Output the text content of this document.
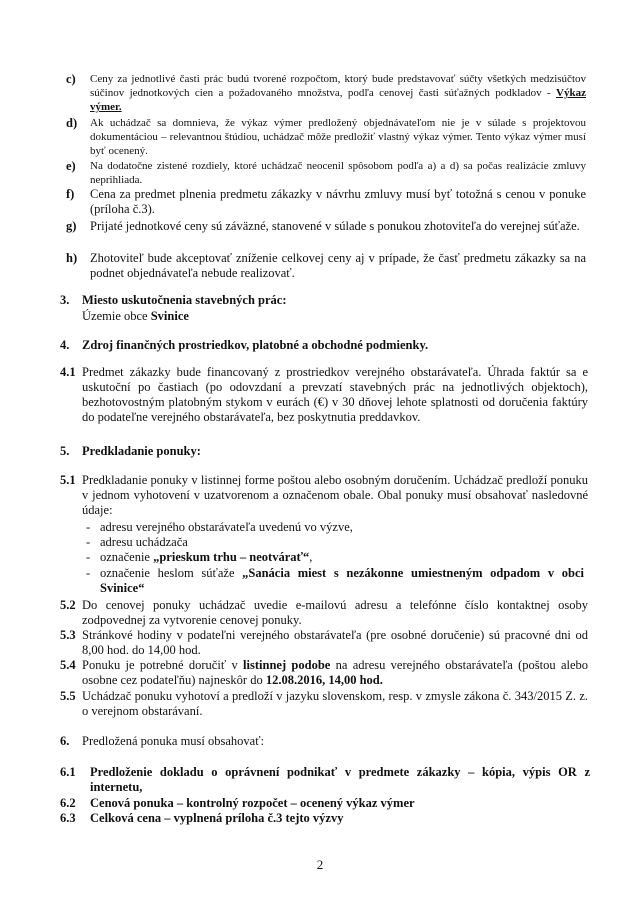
c) Ceny za jednotlivé časti prác budú tvorené rozpočtom, ktorý bude predstavovať súčty všetkých medzisúčtov súčinov jednotkových cien a požadovaného množstva, podľa cenovej časti súťažných podkladov - Výkaz výmer.
d) Ak uchádzač sa domnieva, že výkaz výmer predložený objednávateľom nie je v súlade s projektovou dokumentáciou – relevantnou štúdiou, uchádzač môže predložiť vlastný výkaz výmer. Tento výkaz výmer musí byť ocenený.
e) Na dodatočne zistené rozdiely, ktoré uchádzač neocenil spôsobom podľa a) a d) sa počas realizácie zmluvy neprihliada.
f) Cena za predmet plnenia predmetu zákazky v návrhu zmluvy musí byť totožná s cenou v ponuke (príloha č.3).
g) Prijaté jednotkové ceny sú záväzné, stanovené v súlade s ponukou zhotoviteľa do verejnej súťaže.
h) Zhotoviteľ bude akceptovať zníženie celkovej ceny aj v prípade, že časť predmetu zákazky sa na podnet objednávateľa nebude realizovať.
3. Miesto uskutočnenia stavebných prác:
Územie obce Svinice
4. Zdroj finančných prostriedkov, platobné a obchodné podmienky.
4.1 Predmet zákazky bude financovaný z prostriedkov verejného obstarávateľa. Úhrada faktúr sa e uskutoční po častiach (po odovzdaní a prevzatí stavebných prác na jednotlivých objektoch), bezhotovostným platobným stykom v eurách (€) v 30 dňovej lehote splatnosti od doručenia faktúry do podateľne verejného obstarávateľa, bez poskytnutia preddavkov.
5. Predkladanie ponuky:
5.1 Predkladanie ponuky v listinnej forme poštou alebo osobným doručením. Uchádzač predloží ponuku v jednom vyhotovení v uzatvorenom a označenom obale. Obal ponuky musí obsahovať nasledovné údaje:
- adresu verejného obstarávateľa uvedenú vo výzve,
- adresu uchádzača
- označenie „prieskum trhu – neotvárať“,
- označenie heslom súťaže „Sanácia miest s nezákonne umiestneným odpadom v obci Svinice“
5.2 Do cenovej ponuky uchádzač uvedie e-mailovú adresu a telefónne číslo kontaktnej osoby zodpovednej za vytvorenie cenovej ponuky.
5.3 Stránkové hodiny v podateľni verejného obstarávateľa (pre osobné doručenie) sú pracovné dni od 8,00 hod. do 14,00 hod.
5.4 Ponuku je potrebné doručiť v listinnej podobe na adresu verejného obstarávateľa (poštou alebo osobne cez podateľňu) najneskôr do 12.08.2016, 14,00 hod.
5.5 Uchádzač ponuku vyhotoví a predloží v jazyku slovenskom, resp. v zmysle zákona č. 343/2015 Z. z. o verejnom obstarávaní.
6. Predložená ponuka musí obsahovať:
6.1 Predloženie dokladu o oprávnení podnikať v predmete zákazky – kópia, výpis OR z internetu,
6.2 Cenová ponuka – kontrolný rozpočet – ocenený výkaz výmer
6.3 Celková cena – vyplnená príloha č.3 tejto výzvy
2
